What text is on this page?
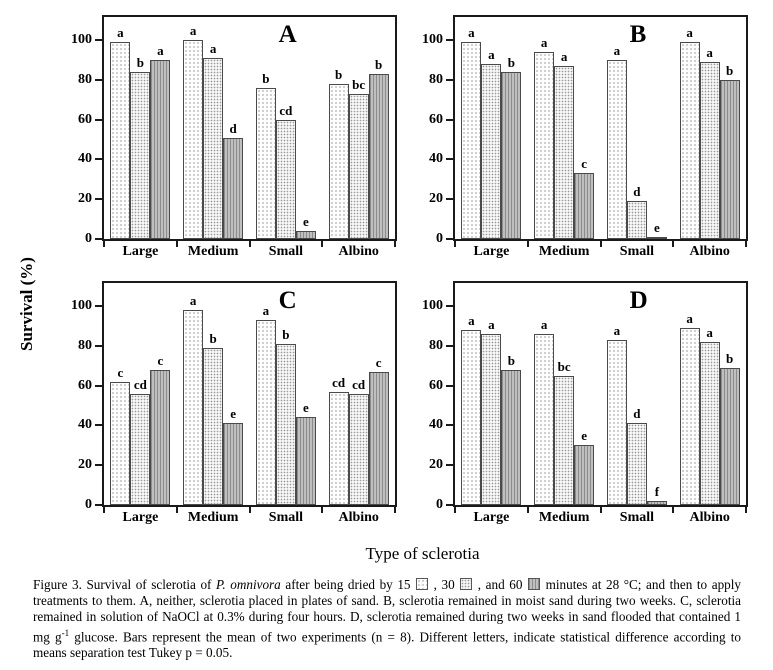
Survival (%)
0
20
40
60
80
100
Large	Medium	Small	Albino
a	a
b	b
b
a
cd
bc
a
d
e
b
A
0
20
40
60
80
100
Large	Medium	Small	Albino
a
a
a
a
a	a
d
a
b
c
e
b
B
0
20
40
60
80
100
Large	Medium	Small	Albino
c
a
a
cd
cd
b	b
cd
c
e	e
c
C
0
20
40
60
80
100
Large	Medium	Small	Albino
a	a	a
a
a
bc
d
a
b
e
f
b
D
Type of sclerotia
Figure 3. Survival of sclerotia of P. omnivora after being dried by 15  , 30  , and 60  minutes at 28 °C; and then to apply treatments to them. A, neither, sclerotia placed in plates of sand. B, sclerotia remained in moist sand during two weeks. C, sclerotia remained in solution of NaOCl at 0.3% during four hours. D, sclerotia remained during two weeks in sand flooded that contained 1 mg $g^{-1}$ glucose. Bars represent the mean of two experiments (n = 8). Different letters, indicate statistical difference according to means separation test Tukey p = 0.05.
